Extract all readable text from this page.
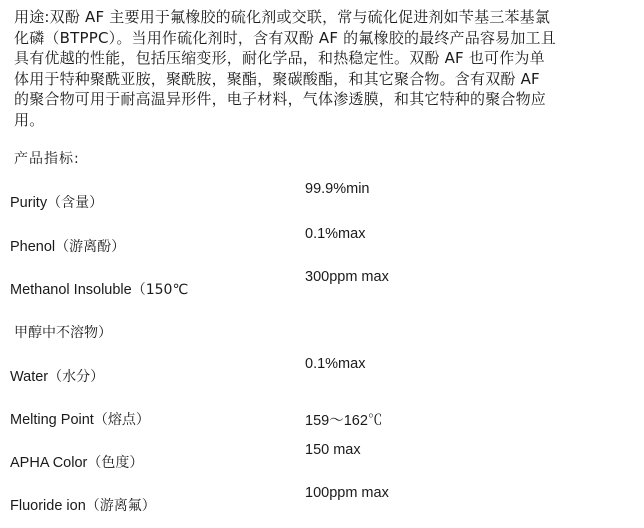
用途:双酚 AF 主要用于氟橡胶的硫化剂或交联，常与硫化促进剂如苄基三苯基氯
化磷（BTPPC）。当用作硫化剂时，含有双酚 AF 的氟橡胶的最终产品容易加工且
具有优越的性能，包括压缩变形，耐化学品，和热稳定性。双酚 AF 也可作为单
体用于特种聚酰亚胺，聚酰胺，聚酯，聚碳酸酯，和其它聚合物。含有双酚 AF
的聚合物可用于耐高温异形件，电子材料，气体渗透膜，和其它特种的聚合物应
用。
产品指标:
Purity（含量）
99.9%min
Phenol（游离酚）
0.1%max
Methanol Insoluble（150℃
300ppm max
甲醇中不溶物）
Water（水分）
0.1%max
Melting Point（熔点）	159～162℃
APHA Color（色度）
150 max
Fluoride ion（游离氟）
100ppm max
